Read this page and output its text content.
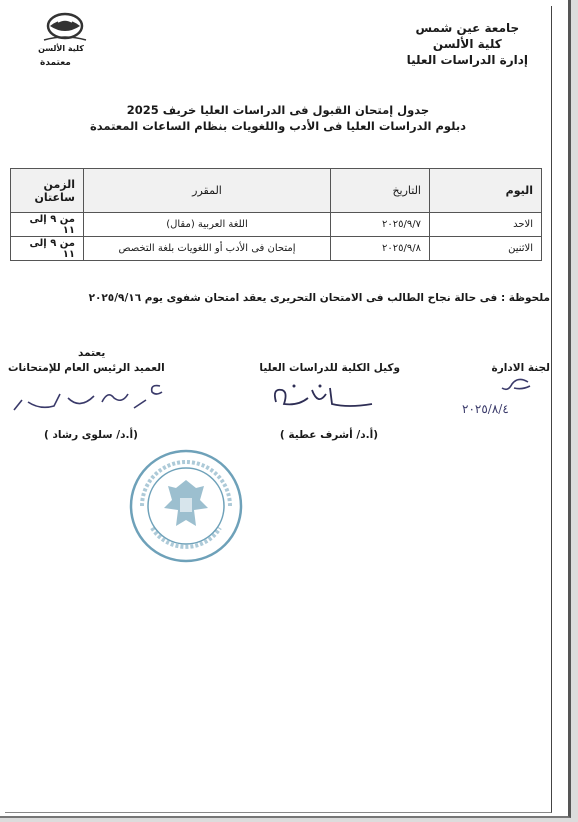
كلية الألسن
معتمدة
جامعة عين شمس
كلية الألسن
إدارة الدراسات العليا
جدول إمتحان القبول فى الدراسات العليا خريف 2025
دبلوم الدراسات العليا فى الأدب واللغويات بنظام الساعات المعتمدة
اليوم	التاريخ	المقرر	الزمن ساعتان
الاحد	٢٠٢٥/٩/٧	اللغة العربية (مقال)	من ٩ إلى ١١
الاثنين	٢٠٢٥/٩/٨	إمتحان فى الأدب أو اللغويات بلغة التخصص	من ٩ إلى ١١
ملحوظة : فى حالة نجاح الطالب فى الامتحان التحريرى يعقد امتحان شفوى يوم ٢٠٢٥/٩/١٦
لجنة الادارة
٢٠٢٥/٨/٤
وكيل الكلية للدراسات العليا
(أ.د/ أشرف عطية )
يعتمد
العميد الرئيس العام للإمتحانات
(أ.د/ سلوى رشاد )
